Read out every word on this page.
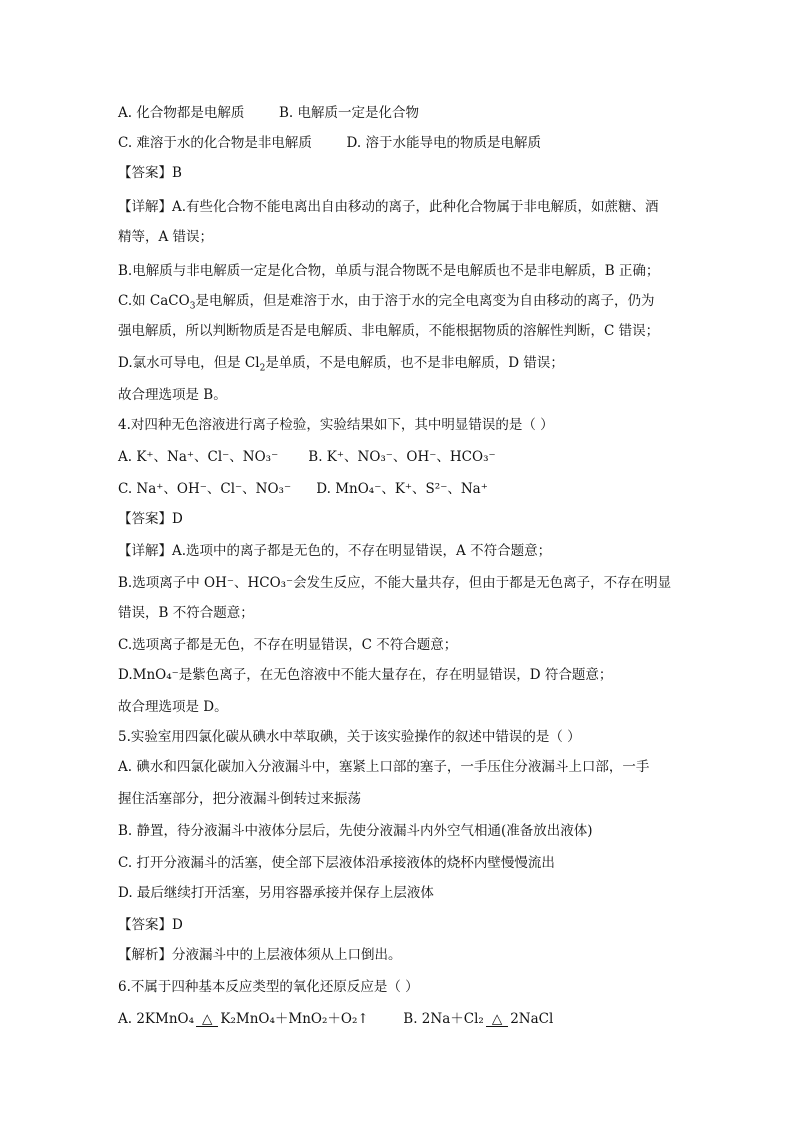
A. 化合物都是电解质	B. 电解质一定是化合物
C. 难溶于水的化合物是非电解质	D. 溶于水能导电的物质是电解质
【答案】B
【详解】A.有些化合物不能电离出自由移动的离子，此种化合物属于非电解质，如蔗糖、酒
精等，A 错误；
B.电解质与非电解质一定是化合物，单质与混合物既不是电解质也不是非电解质，B 正确；
C.如 CaCO$_3$是电解质，但是难溶于水，由于溶于水的完全电离变为自由移动的离子，仍为
强电解质，所以判断物质是否是电解质、非电解质，不能根据物质的溶解性判断，C 错误；
D.氯水可导电，但是 $Cl_2$是单质，不是电解质，也不是非电解质，D 错误；
故合理选项是 B。
4.对四种无色溶液进行离子检验，实验结果如下，其中明显错误的是（ ）
A. K⁺、Na⁺、Cl⁻、NO₃⁻ B. K⁺、NO₃⁻、OH⁻、HCO₃⁻
C. Na⁺、OH⁻、Cl⁻、NO₃⁻ D. MnO₄⁻、K⁺、S²⁻、Na⁺
【答案】D
【详解】A.选项中的离子都是无色的，不存在明显错误，A 不符合题意；
B.选项离子中 OH⁻、HCO₃⁻会发生反应，不能大量共存，但由于都是无色离子，不存在明显
错误，B 不符合题意；
C.选项离子都是无色，不存在明显错误，C 不符合题意；
D.MnO₄⁻是紫色离子，在无色溶液中不能大量存在，存在明显错误，D 符合题意；
故合理选项是 D。
5.实验室用四氯化碳从碘水中萃取碘，关于该实验操作的叙述中错误的是（ ）
A. 碘水和四氯化碳加入分液漏斗中，塞紧上口部的塞子，一手压住分液漏斗上口部，一手
握住活塞部分，把分液漏斗倒转过来振荡
B. 静置，待分液漏斗中液体分层后，先使分液漏斗内外空气相通(准备放出液体)
C. 打开分液漏斗的活塞，使全部下层液体沿承接液体的烧杯内壁慢慢流出
D. 最后继续打开活塞，另用容器承接并保存上层液体
【答案】D
【解析】分液漏斗中的上层液体须从上口倒出。
6.不属于四种基本反应类型的氧化还原反应是（ ）
A. 2KMnO₄ △ K₂MnO₄＋MnO₂＋O₂↑	B. 2Na＋Cl₂ △ 2NaCl
